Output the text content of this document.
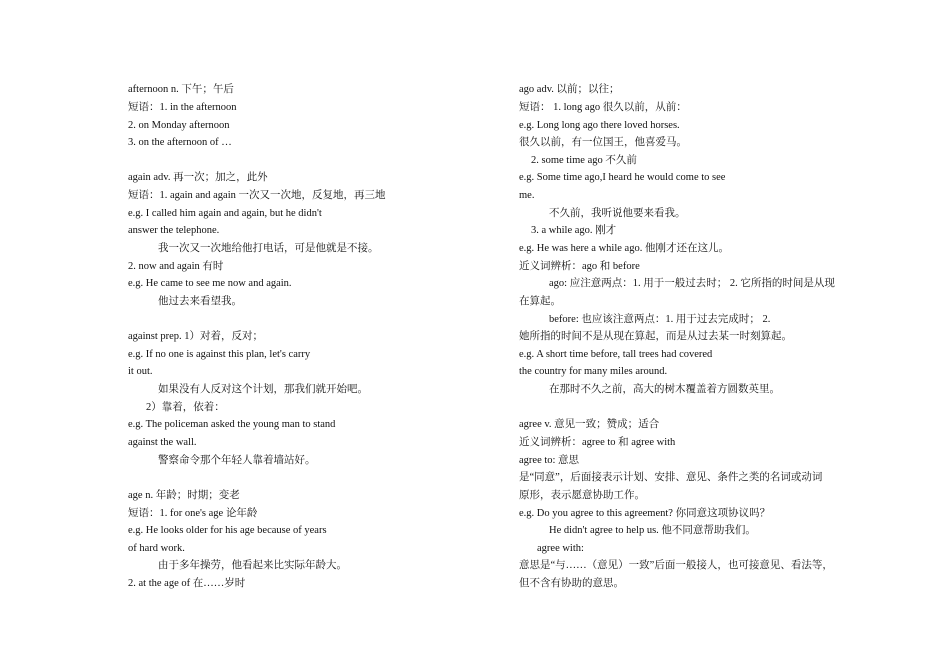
afternoon n. 下午；午后
短语：1. in the afternoon
2. on Monday afternoon
3. on the afternoon of …
again adv. 再一次；加之，此外
短语：1. again and again 一次又一次地，反复地，再三地
e.g. I called him again and again, but he didn't
answer the telephone.
我一次又一次地给他打电话，可是他就是不接。
2. now and again 有时
e.g. He came to see me now and again.
他过去来看望我。
against prep. 1）对着，反对；
e.g. If no one is against this plan, let's carry
it out.
如果没有人反对这个计划，那我们就开始吧。
2）靠着，依着：
e.g. The policeman asked the young man to stand
against the wall.
警察命令那个年轻人靠着墙站好。
age n. 年龄；时期；变老
短语：1. for one's age 论年龄
e.g. He looks older for his age because of years
of hard work.
由于多年操劳，他看起来比实际年龄大。
2. at the age of 在……岁时
ago adv. 以前；以往；
短语： 1. long ago 很久以前，从前：
e.g. Long long ago there loved horses.
很久以前，有一位国王，他喜爱马。
2. some time ago 不久前
e.g. Some time ago,I heard he would come to see
me.
不久前，我听说他要来看我。
3. a while ago. 刚才
e.g. He was here a while ago. 他刚才还在这儿。
近义词辨析：ago 和 before
ago: 应注意两点：1. 用于一般过去时； 2. 它所指的时间是从现
在算起。
before: 也应该注意两点：1. 用于过去完成时； 2.
她所指的时间不是从现在算起，而是从过去某一时刻算起。
e.g. A short time before, tall trees had covered
the country for many miles around.
在那时不久之前，高大的树木覆盖着方圆数英里。
agree v. 意见一致；赞成；适合
近义词辨析：agree to 和 agree with
agree to: 意思
是“同意”，后面接表示计划、安排、意见、条件之类的名词或动词
原形，表示愿意协助工作。
e.g. Do you agree to this agreement? 你同意这项协议吗？
He didn't agree to help us. 他不同意帮助我们。
agree with:
意思是“与……（意见）一致”后面一般接人，也可接意见、看法等，
但不含有协助的意思。
